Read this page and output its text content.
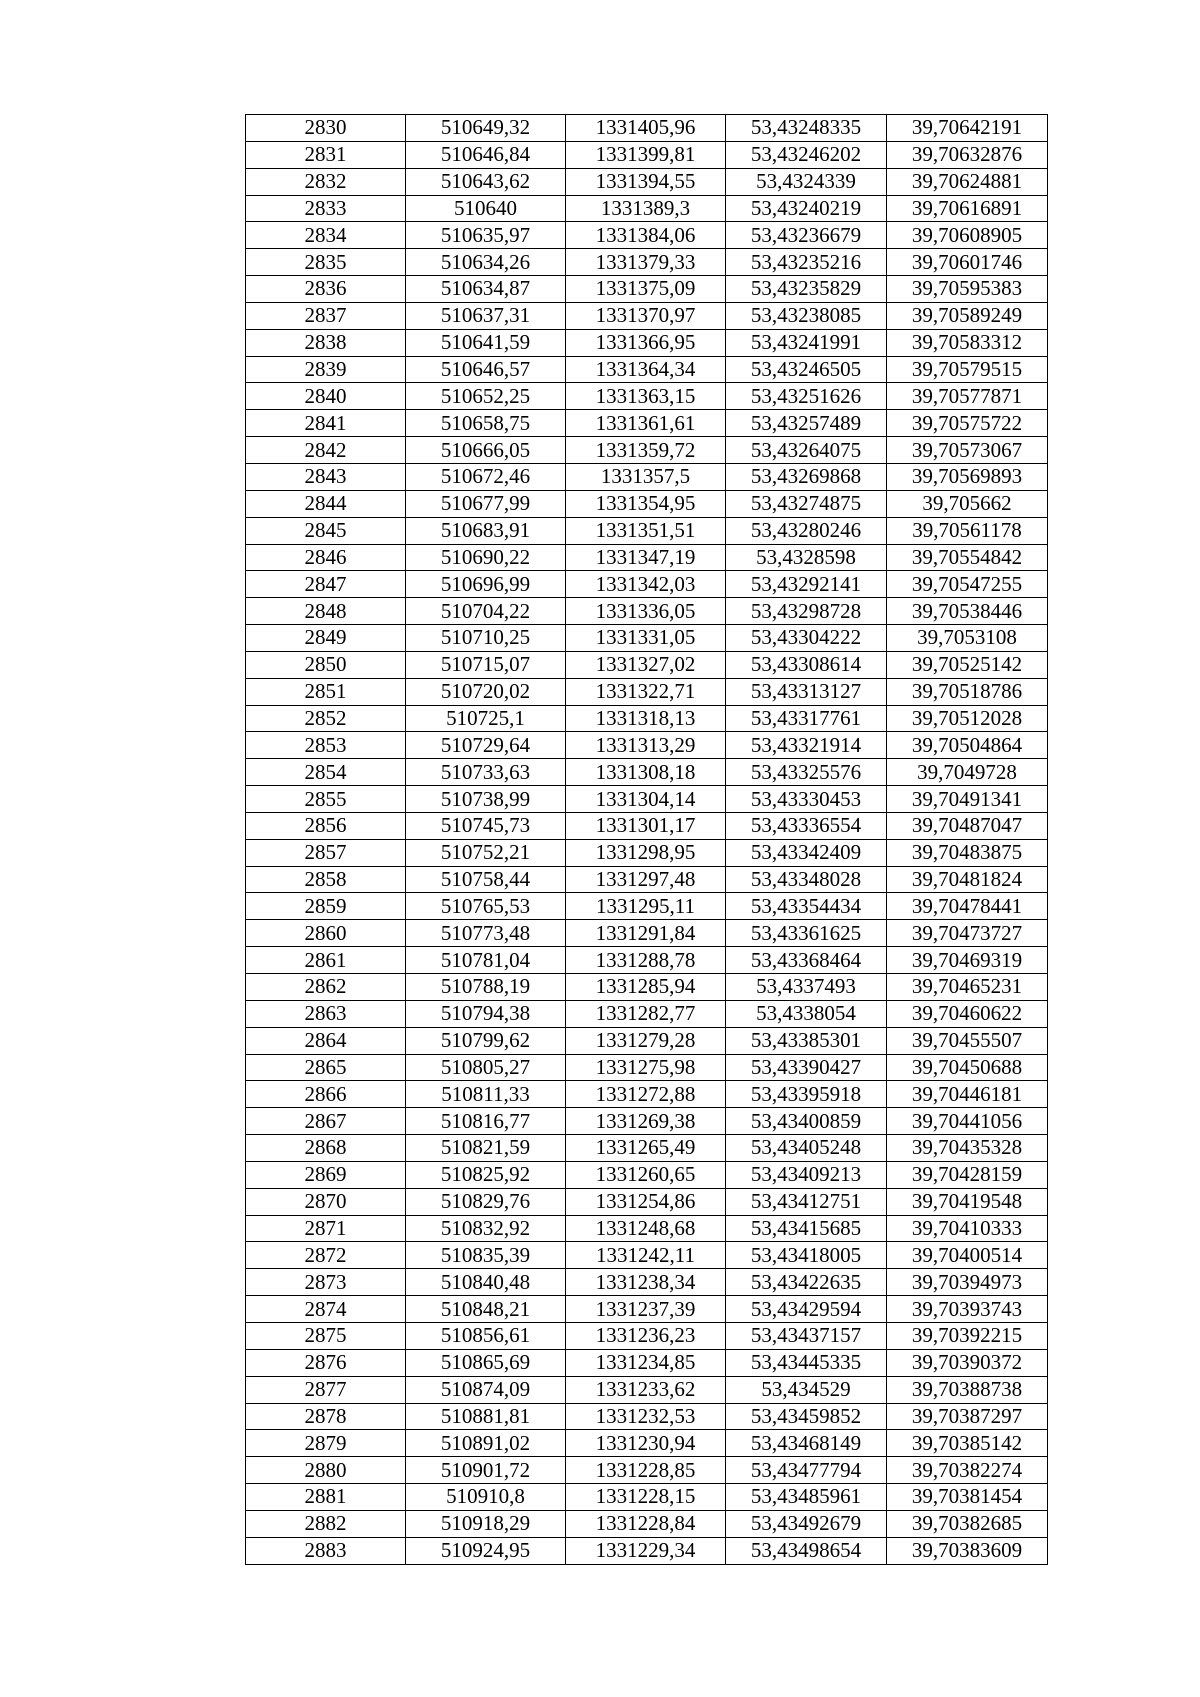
2830	510649,32	1331405,96	53,43248335	39,70642191
2831	510646,84	1331399,81	53,43246202	39,70632876
2832	510643,62	1331394,55	53,4324339	39,70624881
2833	510640	1331389,3	53,43240219	39,70616891
2834	510635,97	1331384,06	53,43236679	39,70608905
2835	510634,26	1331379,33	53,43235216	39,70601746
2836	510634,87	1331375,09	53,43235829	39,70595383
2837	510637,31	1331370,97	53,43238085	39,70589249
2838	510641,59	1331366,95	53,43241991	39,70583312
2839	510646,57	1331364,34	53,43246505	39,70579515
2840	510652,25	1331363,15	53,43251626	39,70577871
2841	510658,75	1331361,61	53,43257489	39,70575722
2842	510666,05	1331359,72	53,43264075	39,70573067
2843	510672,46	1331357,5	53,43269868	39,70569893
2844	510677,99	1331354,95	53,43274875	39,705662
2845	510683,91	1331351,51	53,43280246	39,70561178
2846	510690,22	1331347,19	53,4328598	39,70554842
2847	510696,99	1331342,03	53,43292141	39,70547255
2848	510704,22	1331336,05	53,43298728	39,70538446
2849	510710,25	1331331,05	53,43304222	39,7053108
2850	510715,07	1331327,02	53,43308614	39,70525142
2851	510720,02	1331322,71	53,43313127	39,70518786
2852	510725,1	1331318,13	53,43317761	39,70512028
2853	510729,64	1331313,29	53,43321914	39,70504864
2854	510733,63	1331308,18	53,43325576	39,7049728
2855	510738,99	1331304,14	53,43330453	39,70491341
2856	510745,73	1331301,17	53,43336554	39,70487047
2857	510752,21	1331298,95	53,43342409	39,70483875
2858	510758,44	1331297,48	53,43348028	39,70481824
2859	510765,53	1331295,11	53,43354434	39,70478441
2860	510773,48	1331291,84	53,43361625	39,70473727
2861	510781,04	1331288,78	53,43368464	39,70469319
2862	510788,19	1331285,94	53,4337493	39,70465231
2863	510794,38	1331282,77	53,4338054	39,70460622
2864	510799,62	1331279,28	53,43385301	39,70455507
2865	510805,27	1331275,98	53,43390427	39,70450688
2866	510811,33	1331272,88	53,43395918	39,70446181
2867	510816,77	1331269,38	53,43400859	39,70441056
2868	510821,59	1331265,49	53,43405248	39,70435328
2869	510825,92	1331260,65	53,43409213	39,70428159
2870	510829,76	1331254,86	53,43412751	39,70419548
2871	510832,92	1331248,68	53,43415685	39,70410333
2872	510835,39	1331242,11	53,43418005	39,70400514
2873	510840,48	1331238,34	53,43422635	39,70394973
2874	510848,21	1331237,39	53,43429594	39,70393743
2875	510856,61	1331236,23	53,43437157	39,70392215
2876	510865,69	1331234,85	53,43445335	39,70390372
2877	510874,09	1331233,62	53,434529	39,70388738
2878	510881,81	1331232,53	53,43459852	39,70387297
2879	510891,02	1331230,94	53,43468149	39,70385142
2880	510901,72	1331228,85	53,43477794	39,70382274
2881	510910,8	1331228,15	53,43485961	39,70381454
2882	510918,29	1331228,84	53,43492679	39,70382685
2883	510924,95	1331229,34	53,43498654	39,70383609
